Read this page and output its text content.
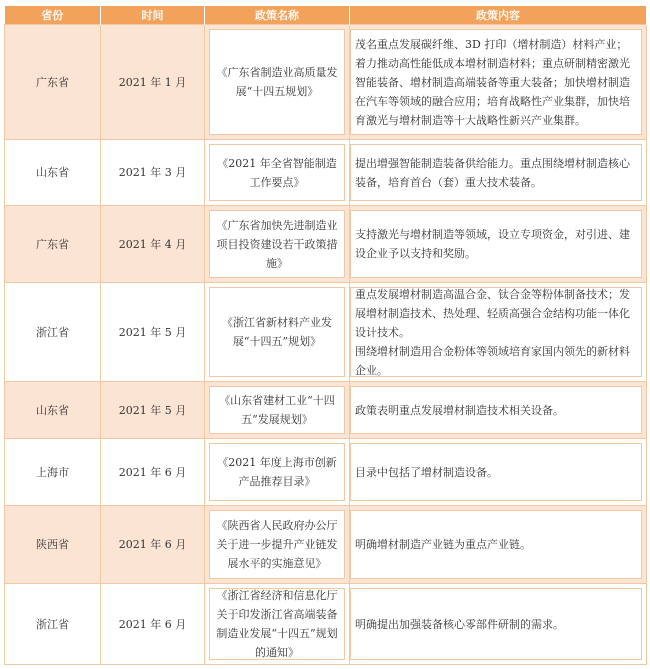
省份	时间	政策名称	政策内容
广东省	2021 年 1 月	《广东省制造业高质量发展“十四五规划》	茂名重点发展碳纤维、3D 打印（增材制造）材料产业；着力推动高性能低成本增材制造材料；重点研制精密激光智能装备、增材制造高端装备等重大装备；加快增材制造在汽车等领域的融合应用；培育战略性产业集群，加快培育激光与增材制造等十大战略性新兴产业集群。

山东省	2021 年 3 月	《2021 年全省智能制造工作要点》	提出增强智能制造装备供给能力。重点围绕增材制造核心装备，培育首台（套）重大技术装备。

广东省	2021 年 4 月	《广东省加快先进制造业项目投资建设若干政策措施》	支持激光与增材制造等领域，设立专项资金，对引进、建设企业予以支持和奖励。

浙江省	2021 年 5 月	《浙江省新材料产业发展“十四五”规划》	重点发展增材制造高温合金、钛合金等粉体制备技术；发展增材制造技术、热处理、轻质高强合金结构功能一体化设计技术。
围绕增材制造用合金粉体等领域培育家国内领先的新材料企业。

山东省	2021 年 5 月	《山东省建材工业“十四五”发展规划》	政策表明重点发展增材制造技术相关设备。

上海市	2021 年 6 月	《2021 年度上海市创新产品推荐目录》	目录中包括了增材制造设备。

陕西省	2021 年 6 月	《陕西省人民政府办公厅关于进一步提升产业链发展水平的实施意见》	明确增材制造产业链为重点产业链。

浙江省	2021 年 6 月	《浙江省经济和信息化厅关于印发浙江省高端装备制造业发展“十四五”规划的通知》	明确提出加强装备核心零部件研制的需求。
